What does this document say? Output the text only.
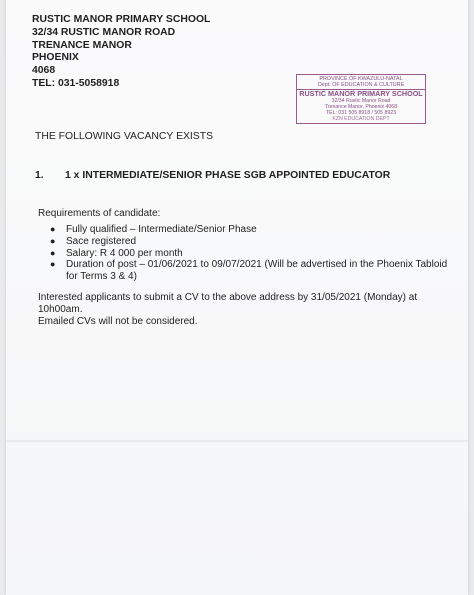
RUSTIC MANOR PRIMARY SCHOOL
32/34 RUSTIC MANOR ROAD
TRENANCE MANOR
PHOENIX
4068
TEL: 031-5058918	PROVINCE OF KWAZULU-NATAL
Dept. OF EDUCATION & CULTURE
RUSTIC MANOR PRIMARY SCHOOL
32/34 Rustic Manor Road
Trenance Manor, Phoenix 4068
TEL: 031 505 8918 / 505 8923
KZN EDUCATION DEPT
THE FOLLOWING VACANCY EXISTS
1. 1 x INTERMEDIATE/SENIOR PHASE SGB APPOINTED EDUCATOR
Requirements of candidate:
●	Fully qualified – Intermediate/Senior Phase
●	Sace registered
●	Salary: R 4 000 per month
●	Duration of post – 01/06/2021 to 09/07/2021 (Will be advertised in the Phoenix Tabloid for Terms 3 & 4)
Interested applicants to submit a CV to the above address by 31/05/2021 (Monday) at 10h00am.
Emailed CVs will not be considered.
